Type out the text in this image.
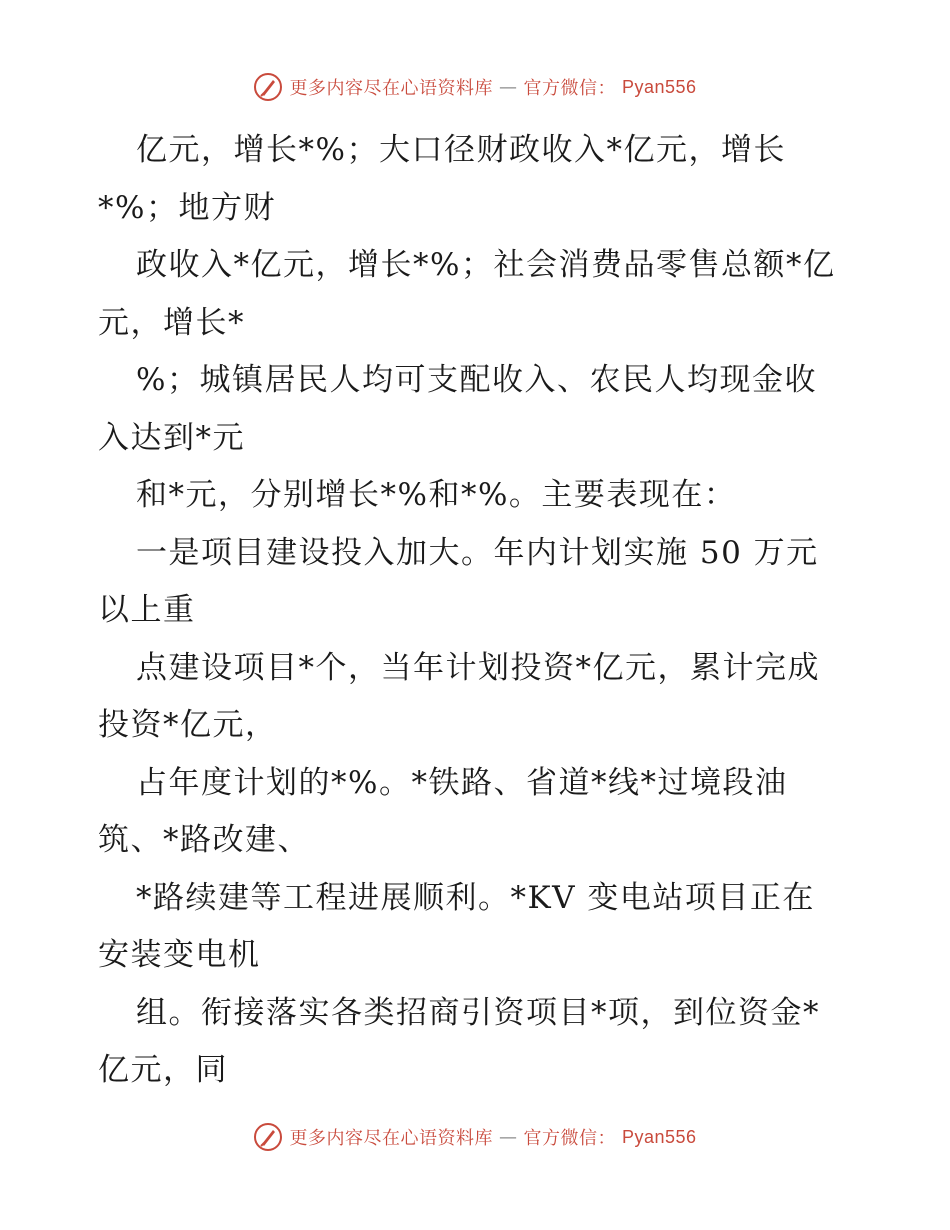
更多内容尽在心语资料库 — 官方微信： Pyan556
亿元，增长*%；大口径财政收入*亿元，增长
*%；地方财
政收入*亿元，增长*%；社会消费品零售总额*亿
元，增长*
%；城镇居民人均可支配收入、农民人均现金收
入达到*元
和*元，分别增长*%和*%。主要表现在：
一是项目建设投入加大。年内计划实施 50 万元
以上重
点建设项目*个，当年计划投资*亿元，累计完成
投资*亿元，
占年度计划的*%。*铁路、省道*线*过境段油
筑、*路改建、
*路续建等工程进展顺利。*KV 变电站项目正在
安装变电机
组。衔接落实各类招商引资项目*项，到位资金*
亿元，同
更多内容尽在心语资料库 — 官方微信： Pyan556
